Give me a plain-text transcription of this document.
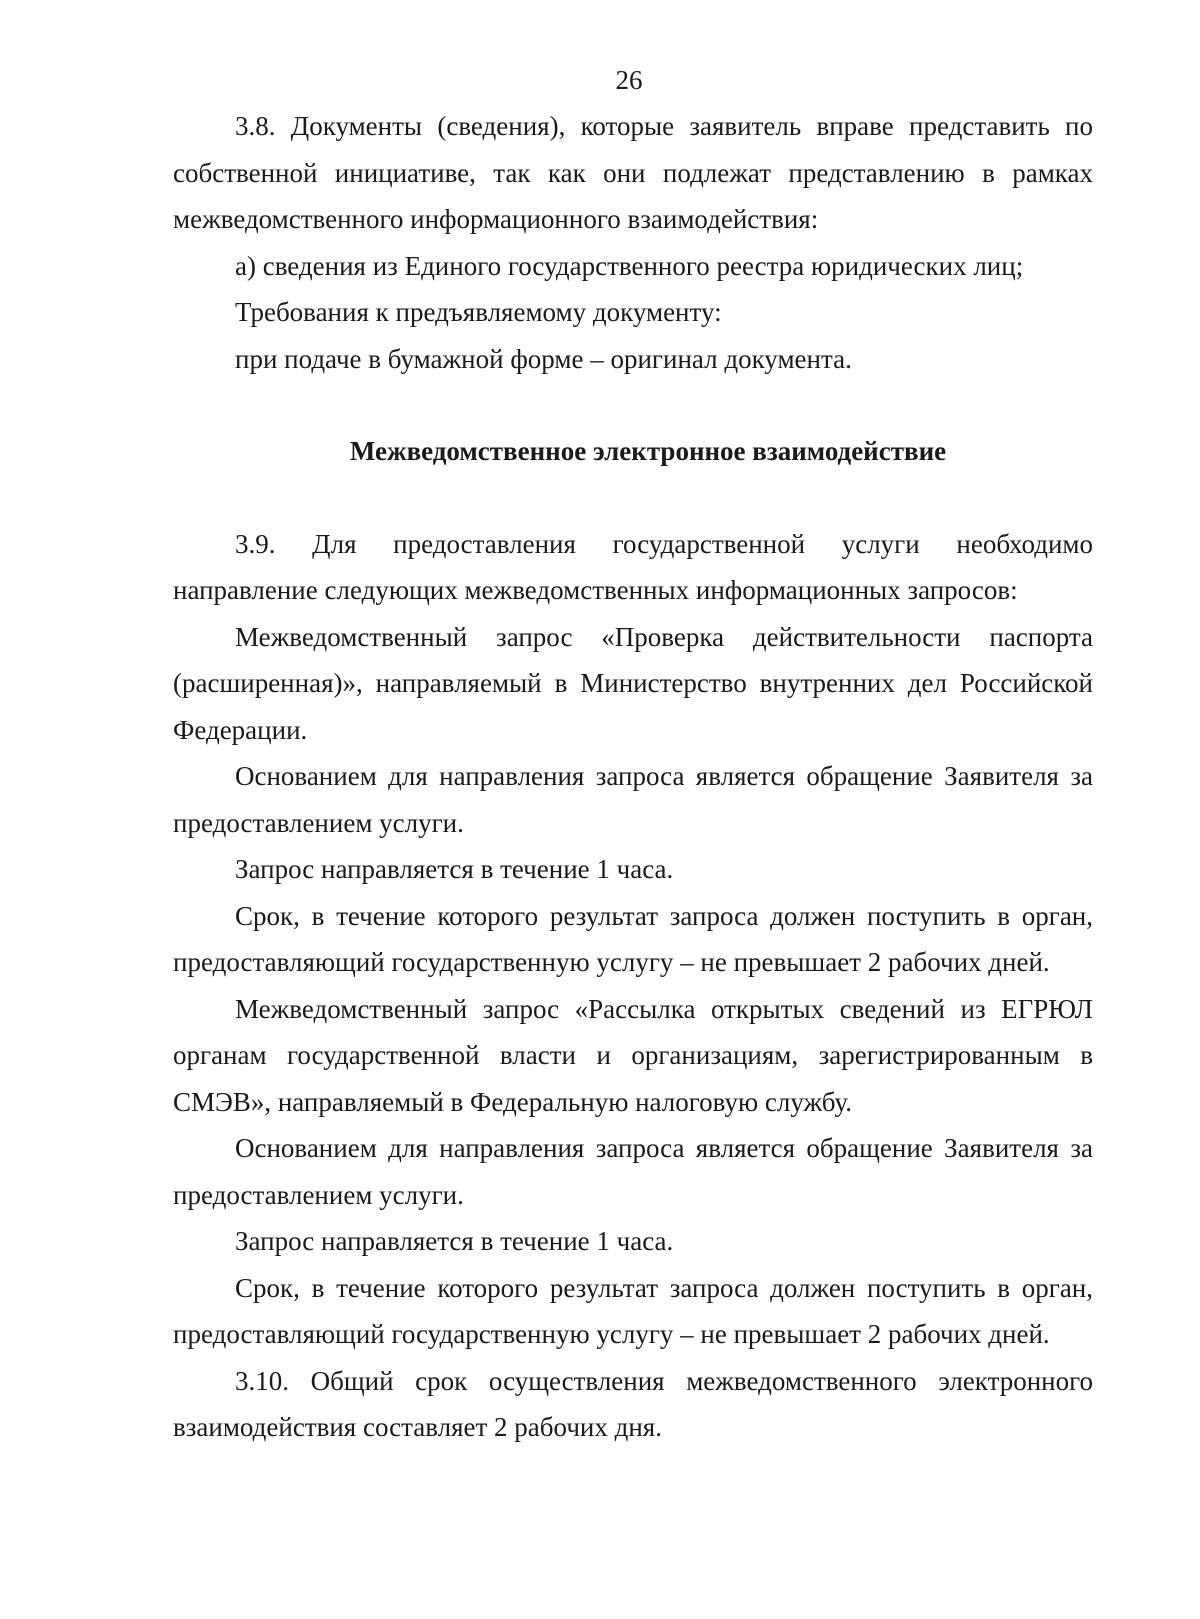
26

3.8. Документы (сведения), которые заявитель вправе представить по собственной инициативе, так как они подлежат представлению в рамках межведомственного информационного взаимодействия:

а) сведения из Единого государственного реестра юридических лиц;

Требования к предъявляемому документу:

при подаче в бумажной форме – оригинал документа.

Межведомственное электронное взаимодействие

3.9. Для предоставления государственной услуги необходимо направление следующих межведомственных информационных запросов:

Межведомственный запрос «Проверка действительности паспорта (расширенная)», направляемый в Министерство внутренних дел Российской Федерации.

Основанием для направления запроса является обращение Заявителя за предоставлением услуги.

Запрос направляется в течение 1 часа.

Срок, в течение которого результат запроса должен поступить в орган, предоставляющий государственную услугу – не превышает 2 рабочих дней.

Межведомственный запрос «Рассылка открытых сведений из ЕГРЮЛ органам государственной власти и организациям, зарегистрированным в СМЭВ», направляемый в Федеральную налоговую службу.

Основанием для направления запроса является обращение Заявителя за предоставлением услуги.

Запрос направляется в течение 1 часа.

Срок, в течение которого результат запроса должен поступить в орган, предоставляющий государственную услугу – не превышает 2 рабочих дней.

3.10. Общий срок осуществления межведомственного электронного взаимодействия составляет 2 рабочих дня.
